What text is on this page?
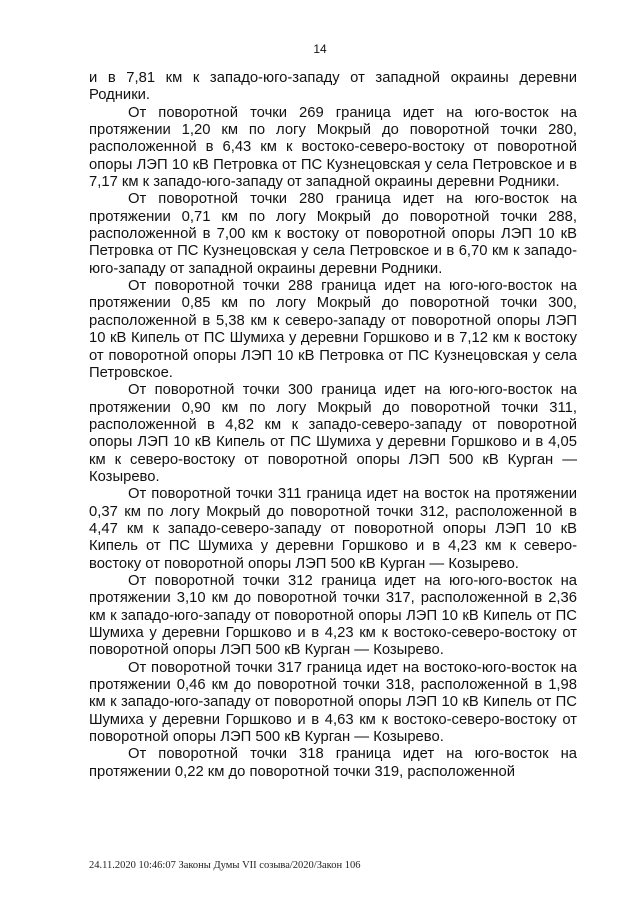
14

и в 7,81 км к западо-юго-западу от западной окраины деревни Родники.

От поворотной точки 269 граница идет на юго-восток на протяжении 1,20 км по логу Мокрый до поворотной точки 280, расположенной в 6,43 км к востоко-северо-востоку от поворотной опоры ЛЭП 10 кВ Петровка от ПС Кузнецовская у села Петровское и в 7,17 км к западо-юго-западу от западной окраины деревни Родники.

От поворотной точки 280 граница идет на юго-восток на протяжении 0,71 км по логу Мокрый до поворотной точки 288, расположенной в 7,00 км к востоку от поворотной опоры ЛЭП 10 кВ Петровка от ПС Кузнецовская у села Петровское и в 6,70 км к западо-юго-западу от западной окраины деревни Родники.

От поворотной точки 288 граница идет на юго-юго-восток на протяжении 0,85 км по логу Мокрый до поворотной точки 300, расположенной в 5,38 км к северо-западу от поворотной опоры ЛЭП 10 кВ Кипель от ПС Шумиха у деревни Горшково и в 7,12 км к востоку от поворотной опоры ЛЭП 10 кВ Петровка от ПС Кузнецовская у села Петровское.

От поворотной точки 300 граница идет на юго-юго-восток на протяжении 0,90 км по логу Мокрый до поворотной точки 311, расположенной в 4,82 км к западо-северо-западу от поворотной опоры ЛЭП 10 кВ Кипель от ПС Шумиха у деревни Горшково и в 4,05 км к северо-востоку от поворотной опоры ЛЭП 500 кВ Курган — Козырево.

От поворотной точки 311 граница идет на восток на протяжении 0,37 км по логу Мокрый до поворотной точки 312, расположенной в 4,47 км к западо-северо-западу от поворотной опоры ЛЭП 10 кВ Кипель от ПС Шумиха у деревни Горшково и в 4,23 км к северо-востоку от поворотной опоры ЛЭП 500 кВ Курган — Козырево.

От поворотной точки 312 граница идет на юго-юго-восток на протяжении 3,10 км до поворотной точки 317, расположенной в 2,36 км к западо-юго-западу от поворотной опоры ЛЭП 10 кВ Кипель от ПС Шумиха у деревни Горшково и в 4,23 км к востоко-северо-востоку от поворотной опоры ЛЭП 500 кВ Курган — Козырево.

От поворотной точки 317 граница идет на востоко-юго-восток на протяжении 0,46 км до поворотной точки 318, расположенной в 1,98 км к западо-юго-западу от поворотной опоры ЛЭП 10 кВ Кипель от ПС Шумиха у деревни Горшково и в 4,63 км к востоко-северо-востоку от поворотной опоры ЛЭП 500 кВ Курган — Козырево.

От поворотной точки 318 граница идет на юго-восток на протяжении 0,22 км до поворотной точки 319, расположенной

24.11.2020 10:46:07 Законы Думы VII созыва/2020/Закон 106
